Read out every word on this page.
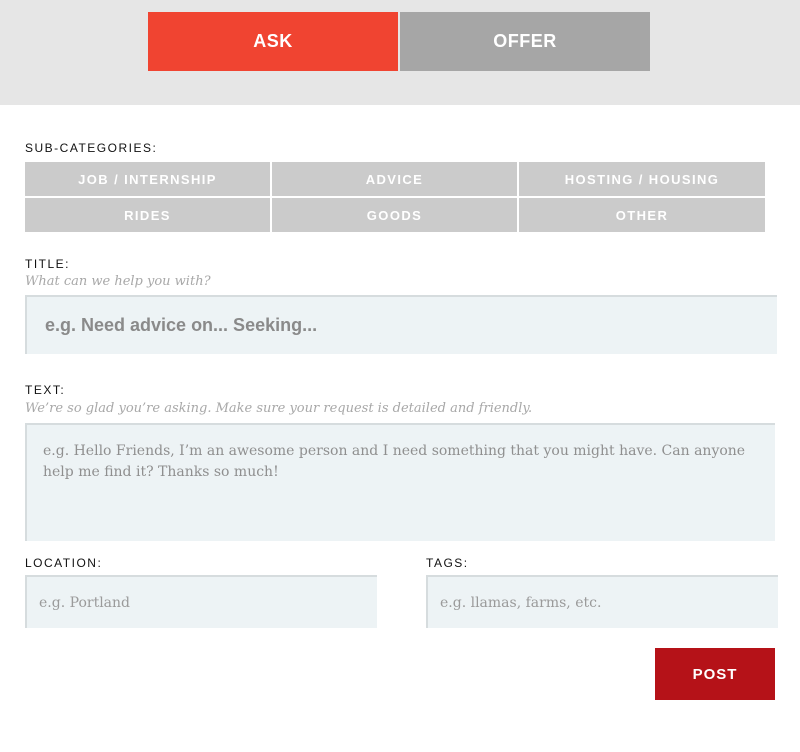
ASK	OFFER
SUB-CATEGORIES:
JOB / INTERNSHIP	ADVICE	HOSTING / HOUSING
RIDES	GOODS	OTHER
TITLE:
What can we help you with?
e.g. Need advice on... Seeking...
TEXT:
We’re so glad you’re asking. Make sure your request is detailed and friendly.
e.g. Hello Friends, I’m an awesome person and I need something that you might have. Can anyone help me find it? Thanks so much!
LOCATION:
e.g. Portland	TAGS:
e.g. llamas, farms, etc.
POST
